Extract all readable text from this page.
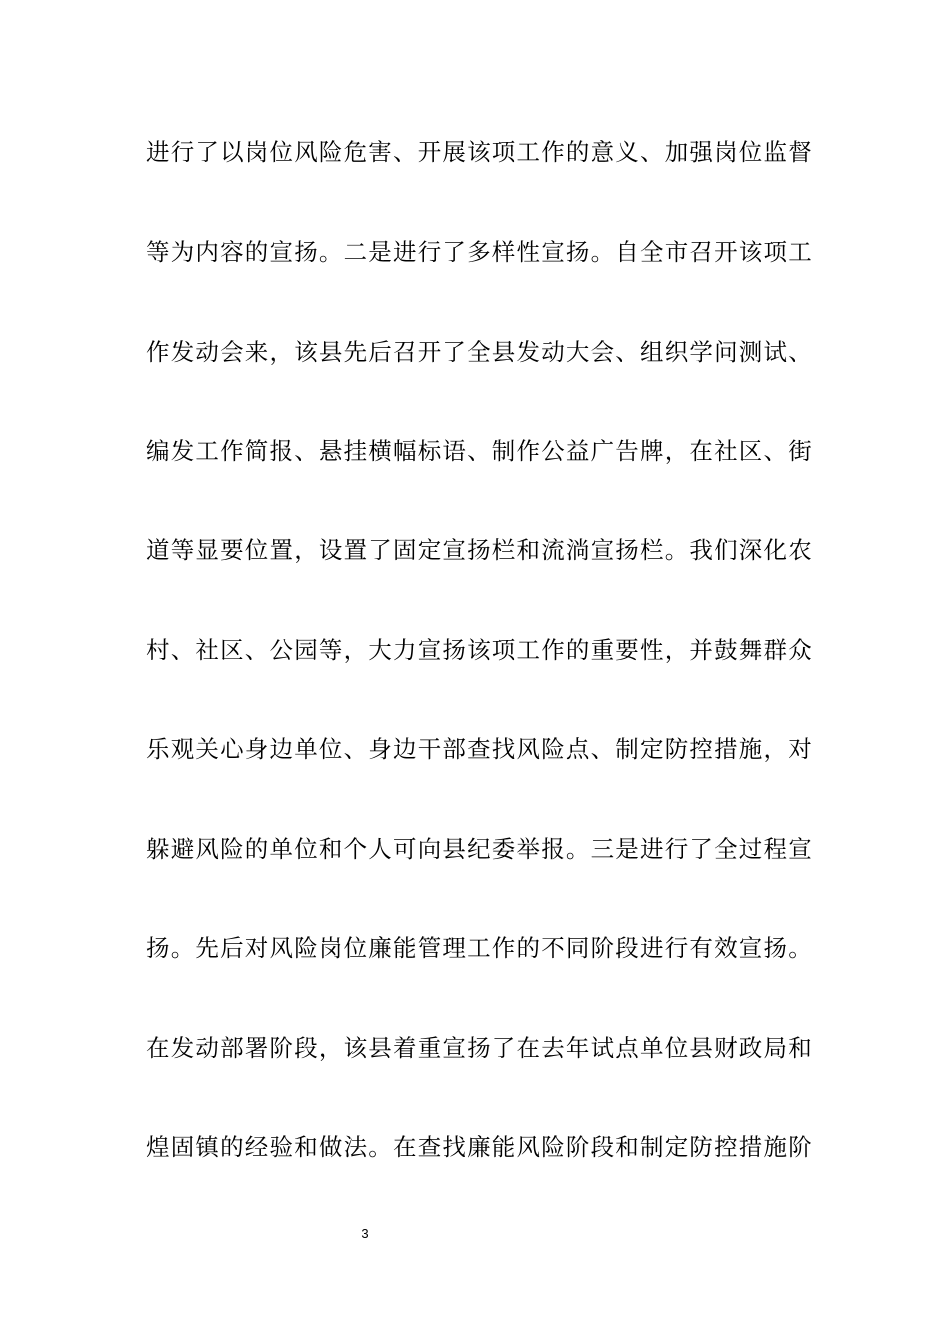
进行了以岗位风险危害、开展该项工作的意义、加强岗位监督
等为内容的宣扬。二是进行了多样性宣扬。自全市召开该项工
作发动会来，该县先后召开了全县发动大会、组织学问测试、
编发工作简报、悬挂横幅标语、制作公益广告牌，在社区、街
道等显要位置，设置了固定宣扬栏和流淌宣扬栏。我们深化农
村、社区、公园等，大力宣扬该项工作的重要性，并鼓舞群众
乐观关心身边单位、身边干部查找风险点、制定防控措施，对
躲避风险的单位和个人可向县纪委举报。三是进行了全过程宣
扬。先后对风险岗位廉能管理工作的不同阶段进行有效宣扬。
在发动部署阶段，该县着重宣扬了在去年试点单位县财政局和
煌固镇的经验和做法。在查找廉能风险阶段和制定防控措施阶
3
